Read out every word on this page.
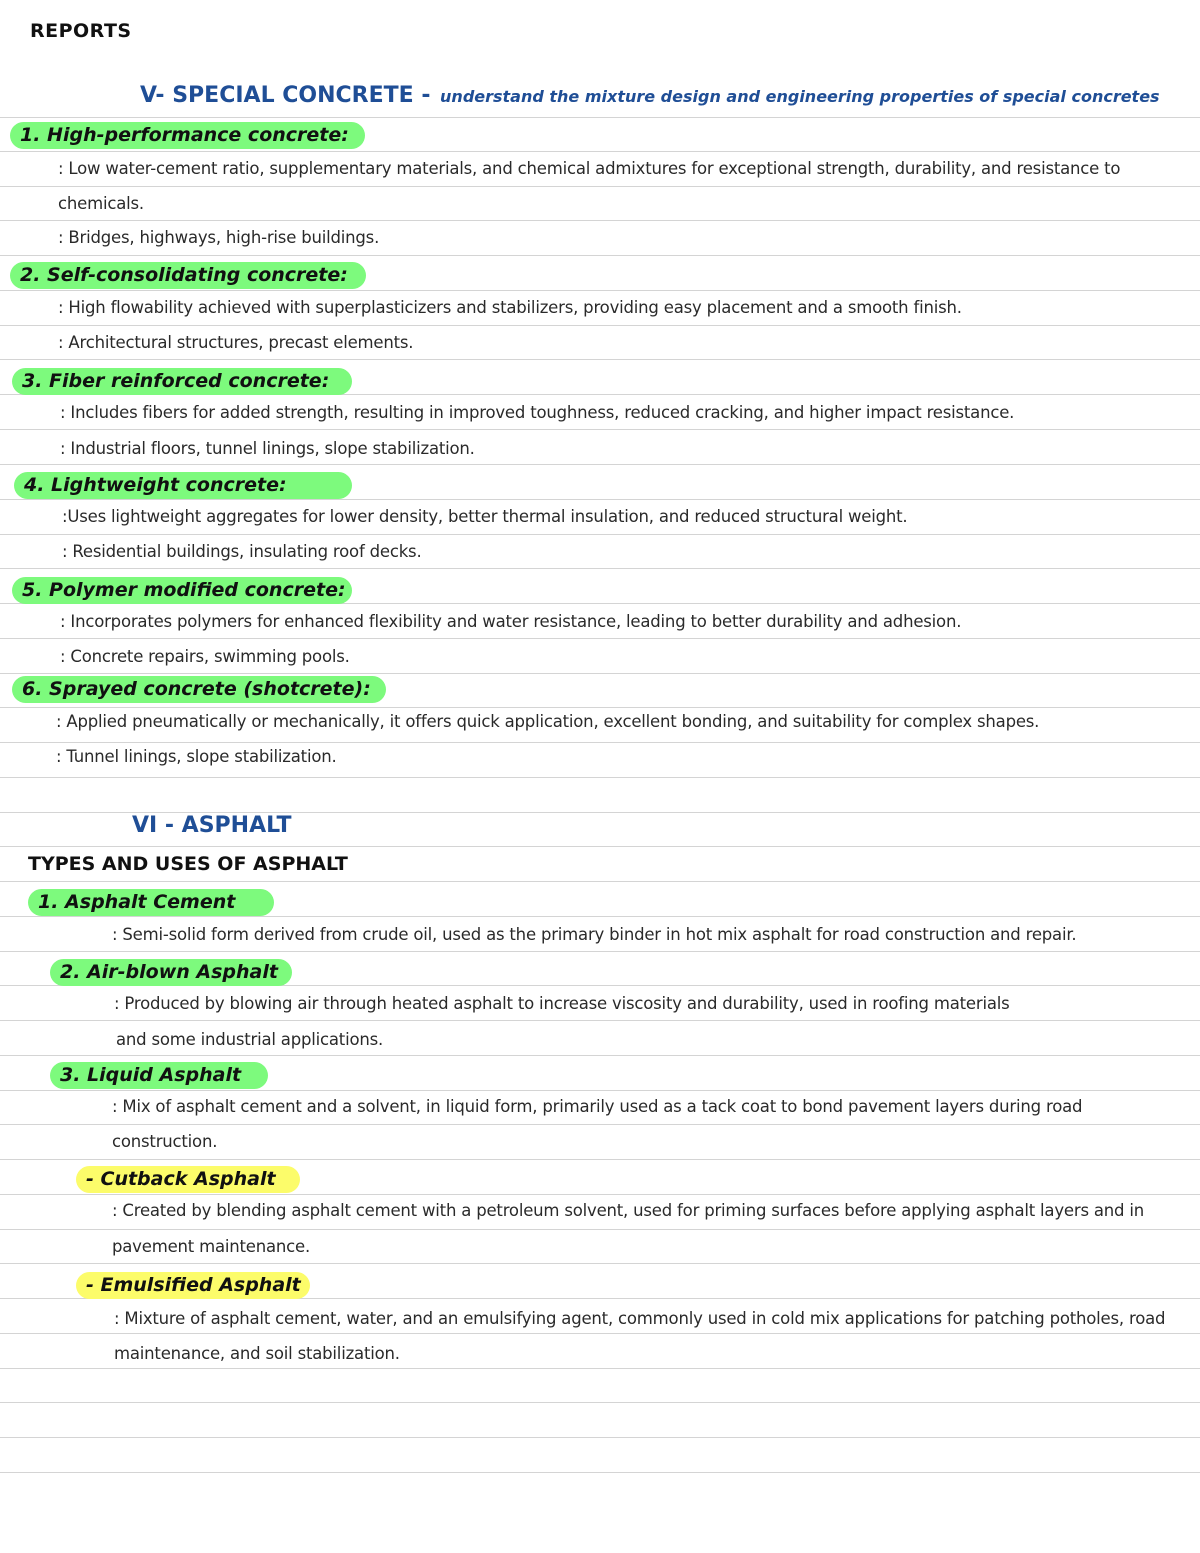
REPORTS
V- SPECIAL CONCRETE - understand the mixture design and engineering properties of special concretes
1. High-performance concrete:
: Low water-cement ratio, supplementary materials, and chemical admixtures for exceptional strength, durability, and resistance to
chemicals.
: Bridges, highways, high-rise buildings.
2. Self-consolidating concrete:
: High flowability achieved with superplasticizers and stabilizers, providing easy placement and a smooth finish.
: Architectural structures, precast elements.
3. Fiber reinforced concrete:
: Includes fibers for added strength, resulting in improved toughness, reduced cracking, and higher impact resistance.
: Industrial floors, tunnel linings, slope stabilization.
4. Lightweight concrete:
:Uses lightweight aggregates for lower density, better thermal insulation, and reduced structural weight.
: Residential buildings, insulating roof decks.
5. Polymer modified concrete:
: Incorporates polymers for enhanced flexibility and water resistance, leading to better durability and adhesion.
: Concrete repairs, swimming pools.
6. Sprayed concrete (shotcrete):
: Applied pneumatically or mechanically, it offers quick application, excellent bonding, and suitability for complex shapes.
: Tunnel linings, slope stabilization.
VI - ASPHALT
TYPES AND USES OF ASPHALT
1. Asphalt Cement
: Semi-solid form derived from crude oil, used as the primary binder in hot mix asphalt for road construction and repair.
2. Air-blown Asphalt
: Produced by blowing air through heated asphalt to increase viscosity and durability, used in roofing materials
and some industrial applications.
3. Liquid Asphalt
: Mix of asphalt cement and a solvent, in liquid form, primarily used as a tack coat to bond pavement layers during road
construction.
- Cutback Asphalt
: Created by blending asphalt cement with a petroleum solvent, used for priming surfaces before applying asphalt layers and in
pavement maintenance.
- Emulsified Asphalt
: Mixture of asphalt cement, water, and an emulsifying agent, commonly used in cold mix applications for patching potholes, road
maintenance, and soil stabilization.
